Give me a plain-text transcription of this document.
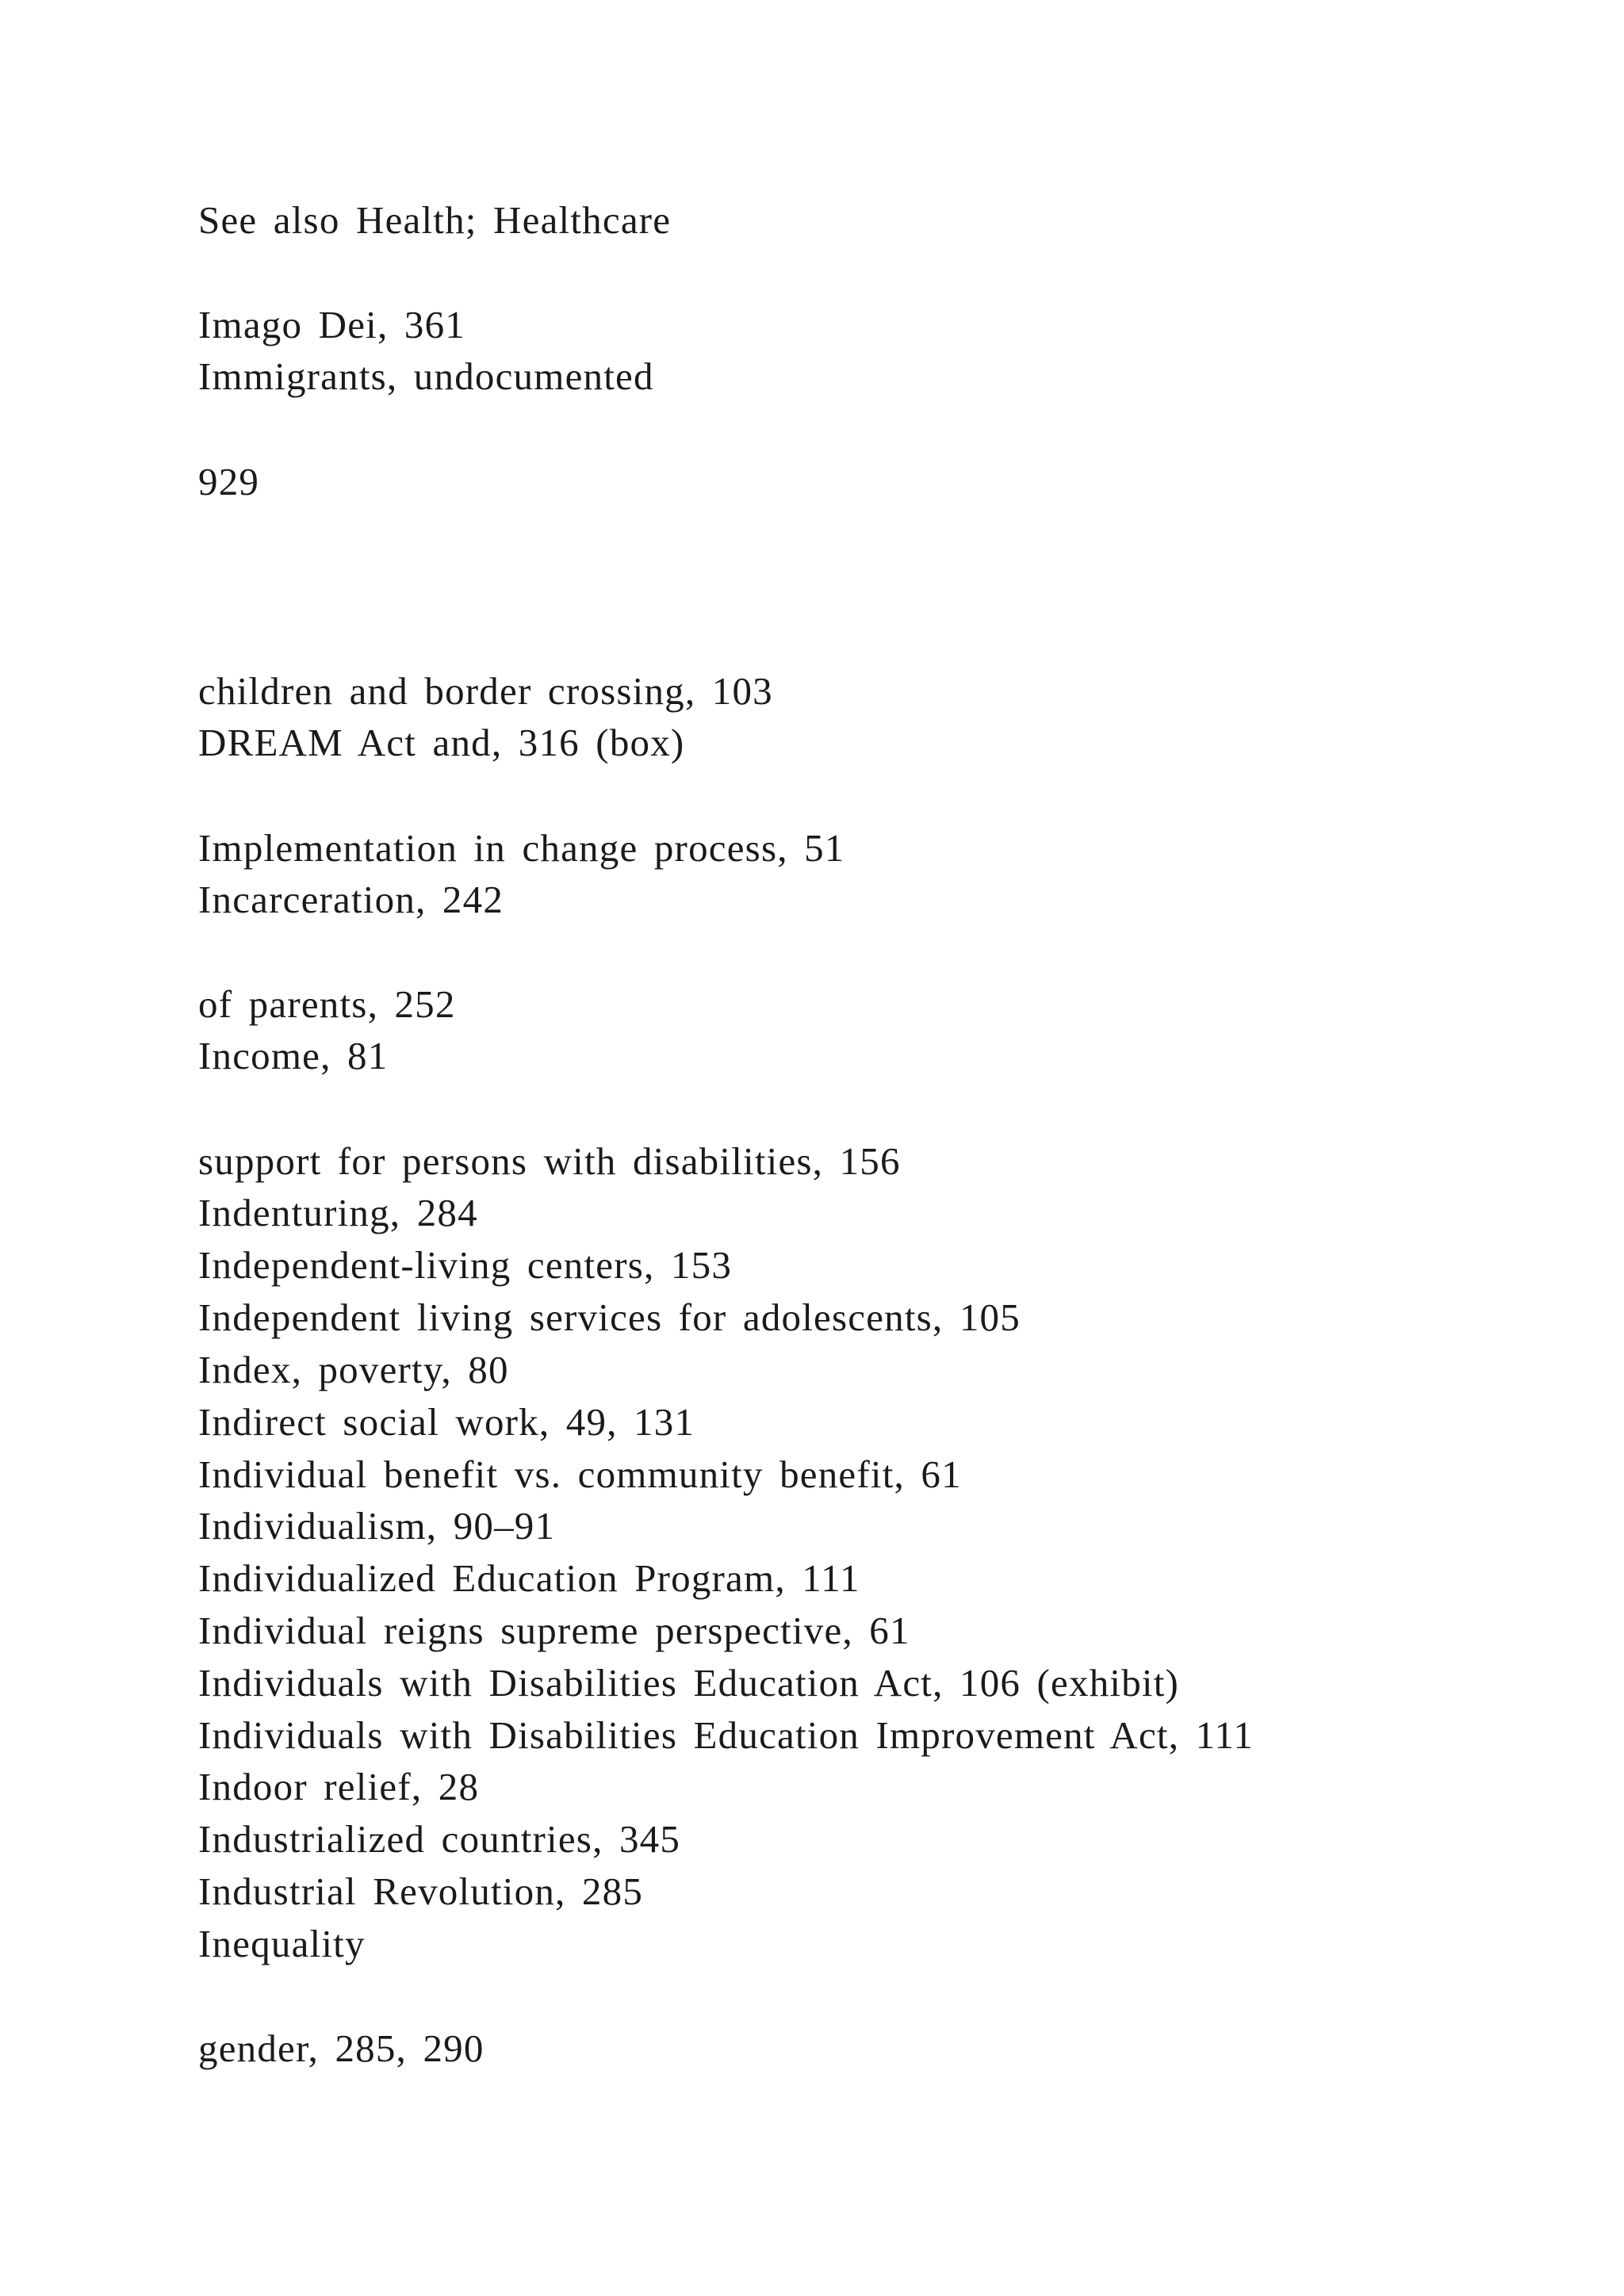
See also Health; Healthcare
Imago Dei, 361
Immigrants, undocumented
929
children and border crossing, 103
DREAM Act and, 316 (box)
Implementation in change process, 51
Incarceration, 242
of parents, 252
Income, 81
support for persons with disabilities, 156
Indenturing, 284
Independent-living centers, 153
Independent living services for adolescents, 105
Index, poverty, 80
Indirect social work, 49, 131
Individual benefit vs. community benefit, 61
Individualism, 90–91
Individualized Education Program, 111
Individual reigns supreme perspective, 61
Individuals with Disabilities Education Act, 106 (exhibit)
Individuals with Disabilities Education Improvement Act, 111
Indoor relief, 28
Industrialized countries, 345
Industrial Revolution, 285
Inequality
gender, 285, 290
